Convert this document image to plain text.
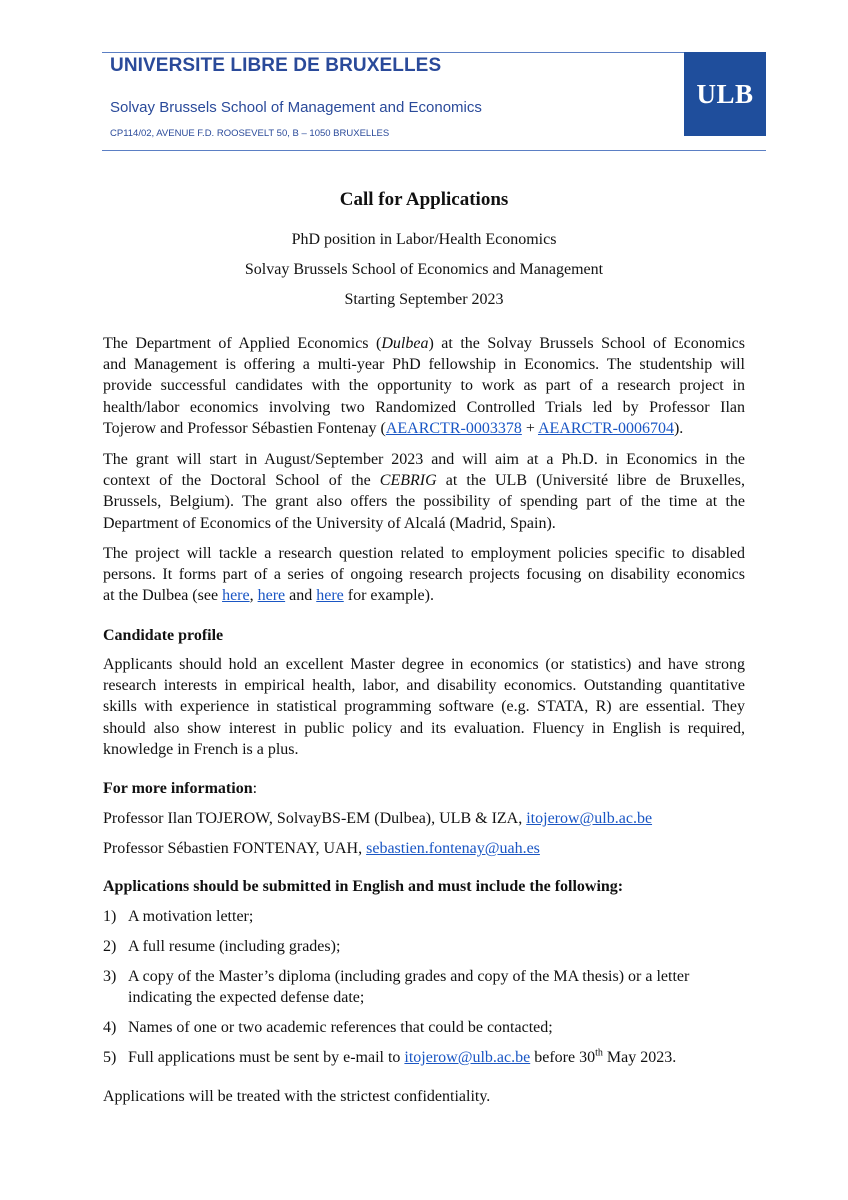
UNIVERSITE LIBRE DE BRUXELLES
Solvay Brussels School of Management and Economics
CP114/02, AVENUE F.D. ROOSEVELT 50, B – 1050 BRUXELLES
ULB
Call for Applications
PhD position in Labor/Health Economics
Solvay Brussels School of Economics and Management
Starting September 2023
The Department of Applied Economics (Dulbea) at the Solvay Brussels School of Economics
and Management is offering a multi-year PhD fellowship in Economics. The studentship will
provide successful candidates with the opportunity to work as part of a research project in
health/labor economics involving two Randomized Controlled Trials led by Professor Ilan
Tojerow and Professor Sébastien Fontenay (AEARCTR-0003378 + AEARCTR-0006704).
The grant will start in August/September 2023 and will aim at a Ph.D. in Economics in the
context of the Doctoral School of the CEBRIG at the ULB (Université libre de Bruxelles,
Brussels, Belgium). The grant also offers the possibility of spending part of the time at the
Department of Economics of the University of Alcalá (Madrid, Spain).
The project will tackle a research question related to employment policies specific to disabled
persons. It forms part of a series of ongoing research projects focusing on disability economics
at the Dulbea (see here, here and here for example).
Candidate profile
Applicants should hold an excellent Master degree in economics (or statistics) and have strong
research interests in empirical health, labor, and disability economics. Outstanding quantitative
skills with experience in statistical programming software (e.g. STATA, R) are essential. They
should also show interest in public policy and its evaluation. Fluency in English is required,
knowledge in French is a plus.
For more information:
Professor Ilan TOJEROW, SolvayBS-EM (Dulbea), ULB & IZA, itojerow@ulb.ac.be
Professor Sébastien FONTENAY, UAH, sebastien.fontenay@uah.es
Applications should be submitted in English and must include the following:
1) A motivation letter;
2) A full resume (including grades);
3) A copy of the Master’s diploma (including grades and copy of the MA thesis) or a letter
indicating the expected defense date;
4) Names of one or two academic references that could be contacted;
5) Full applications must be sent by e-mail to itojerow@ulb.ac.be before 30th May 2023.
Applications will be treated with the strictest confidentiality.
